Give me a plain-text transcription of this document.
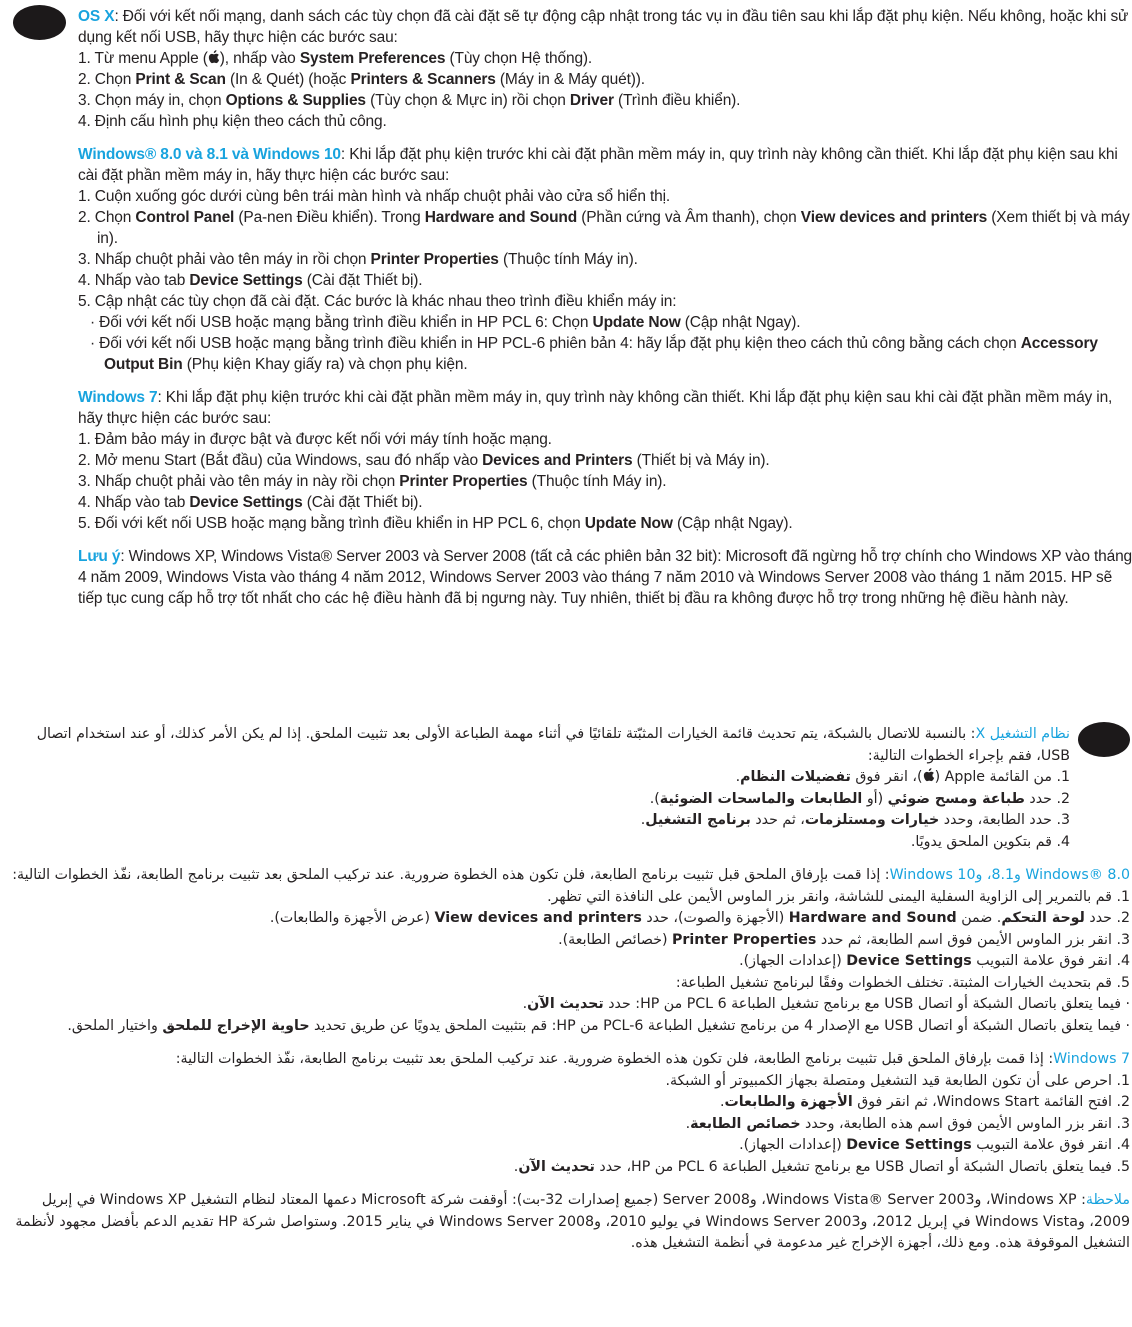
OS X: Đối với kết nối mạng, danh sách các tùy chọn đã cài đặt sẽ tự động cập nhật trong tác vụ in đầu tiên sau khi lắp đặt phụ kiện. Nếu không, hoặc khi sử dụng kết nối USB, hãy thực hiện các bước sau:
1. Từ menu Apple ( ), nhấp vào System Preferences (Tùy chọn Hệ thống).
2. Chọn Print & Scan (In & Quét) (hoặc Printers & Scanners (Máy in & Máy quét)).
3. Chọn máy in, chọn Options & Supplies (Tùy chọn & Mực in) rồi chọn Driver (Trình điều khiển).
4. Định cấu hình phụ kiện theo cách thủ công.
Windows® 8.0 và 8.1 và Windows 10: Khi lắp đặt phụ kiện trước khi cài đặt phần mềm máy in, quy trình này không cần thiết. Khi lắp đặt phụ kiện sau khi cài đặt phần mềm máy in, hãy thực hiện các bước sau:
1. Cuộn xuống góc dưới cùng bên trái màn hình và nhấp chuột phải vào cửa sổ hiển thị.
2. Chọn Control Panel (Pa-nen Điều khiển). Trong Hardware and Sound (Phần cứng và Âm thanh), chọn View devices and printers (Xem thiết bị và máy in).
3. Nhấp chuột phải vào tên máy in rồi chọn Printer Properties (Thuộc tính Máy in).
4. Nhấp vào tab Device Settings (Cài đặt Thiết bị).
5. Cập nhật các tùy chọn đã cài đặt. Các bước là khác nhau theo trình điều khiển máy in:
· Đối với kết nối USB hoặc mạng bằng trình điều khiển in HP PCL 6: Chọn Update Now (Cập nhật Ngay).
· Đối với kết nối USB hoặc mạng bằng trình điều khiển in HP PCL-6 phiên bản 4: hãy lắp đặt phụ kiện theo cách thủ công bằng cách chọn Accessory Output Bin (Phụ kiện Khay giấy ra) và chọn phụ kiện.
Windows 7: Khi lắp đặt phụ kiện trước khi cài đặt phần mềm máy in, quy trình này không cần thiết. Khi lắp đặt phụ kiện sau khi cài đặt phần mềm máy in, hãy thực hiện các bước sau:
1. Đảm bảo máy in được bật và được kết nối với máy tính hoặc mạng.
2. Mở menu Start (Bắt đầu) của Windows, sau đó nhấp vào Devices and Printers (Thiết bị và Máy in).
3. Nhấp chuột phải vào tên máy in này rồi chọn Printer Properties (Thuộc tính Máy in).
4. Nhấp vào tab Device Settings (Cài đặt Thiết bị).
5. Đối với kết nối USB hoặc mạng bằng trình điều khiển in HP PCL 6, chọn Update Now (Cập nhật Ngay).
Lưu ý: Windows XP, Windows Vista® Server 2003 và Server 2008 (tất cả các phiên bản 32 bit): Microsoft đã ngừng hỗ trợ chính cho Windows XP vào tháng 4 năm 2009, Windows Vista vào tháng 4 năm 2012, Windows Server 2003 vào tháng 7 năm 2010 và Windows Server 2008 vào tháng 1 năm 2015. HP sẽ tiếp tục cung cấp hỗ trợ tốt nhất cho các hệ điều hành đã bị ngưng này. Tuy nhiên, thiết bị đầu ra không được hỗ trợ trong những hệ điều hành này.
نظام التشغيل X: بالنسبة للاتصال بالشبكة، يتم تحديث قائمة الخيارات المثبّتة تلقائيًا في أثناء مهمة الطباعة الأولى بعد تثبيت الملحق. إذا لم يكن الأمر كذلك، أو عند استخدام اتصال USB، فقم بإجراء الخطوات التالية:
1. من القائمة Apple ()، انقر فوق تفضيلات النظام.
2. حدد طباعة ومسح ضوئي (أو الطابعات والماسحات الضوئية).
3. حدد الطابعة، وحدد خيارات ومستلزمات، ثم حدد برنامج التشغيل.
4. قم بتكوين الملحق يدويًا.
Windows® 8.0 و8.1، وWindows 10: إذا قمت بإرفاق الملحق قبل تثبيت برنامج الطابعة، فلن تكون هذه الخطوة ضرورية. عند تركيب الملحق بعد تثبيت برنامج الطابعة، نفّذ الخطوات التالية:
1. قم بالتمرير إلى الزاوية السفلية اليمنى للشاشة، وانقر بزر الماوس الأيمن على النافذة التي تظهر.
2. حدد لوحة التحكم. ضمن Hardware and Sound (الأجهزة والصوت)، حدد View devices and printers (عرض الأجهزة والطابعات).
3. انقر بزر الماوس الأيمن فوق اسم الطابعة، ثم حدد Printer Properties (خصائص الطابعة).
4. انقر فوق علامة التبويب Device Settings (إعدادات الجهاز).
5. قم بتحديث الخيارات المثبتة. تختلف الخطوات وفقًا لبرنامج تشغيل الطباعة:
· فيما يتعلق باتصال الشبكة أو اتصال USB مع برنامج تشغيل الطباعة PCL 6 من HP: حدد تحديث الآن.
· فيما يتعلق باتصال الشبكة أو اتصال USB مع الإصدار 4 من برنامج تشغيل الطباعة PCL-6 من HP: قم بتثبيت الملحق يدويًا عن طريق تحديد حاوية الإخراج للملحق واختيار الملحق.
Windows 7: إذا قمت بإرفاق الملحق قبل تثبيت برنامج الطابعة، فلن تكون هذه الخطوة ضرورية. عند تركيب الملحق بعد تثبيت برنامج الطابعة، نفّذ الخطوات التالية:
1. احرص على أن تكون الطابعة قيد التشغيل ومتصلة بجهاز الكمبيوتر أو الشبكة.
2. افتح القائمة Windows Start، ثم انقر فوق الأجهزة والطابعات.
3. انقر بزر الماوس الأيمن فوق اسم هذه الطابعة، وحدد خصائص الطابعة.
4. انقر فوق علامة التبويب Device Settings (إعدادات الجهاز).
5. فيما يتعلق باتصال الشبكة أو اتصال USB مع برنامج تشغيل الطباعة PCL 6 من HP، حدد تحديث الآن.
ملاحظة: Windows XP، وWindows Vista® Server 2003، وServer 2008 (جميع إصدارات 32-بت): أوقفت شركة Microsoft دعمها المعتاد لنظام التشغيل Windows XP في إبريل 2009، وWindows Vista في إبريل 2012، وWindows Server 2003 في يوليو 2010، وWindows Server 2008 في يناير 2015. وستواصل شركة HP تقديم الدعم بأفضل مجهود لأنظمة التشغيل الموقوفة هذه. ومع ذلك، أجهزة الإخراج غير مدعومة في أنظمة التشغيل هذه.
